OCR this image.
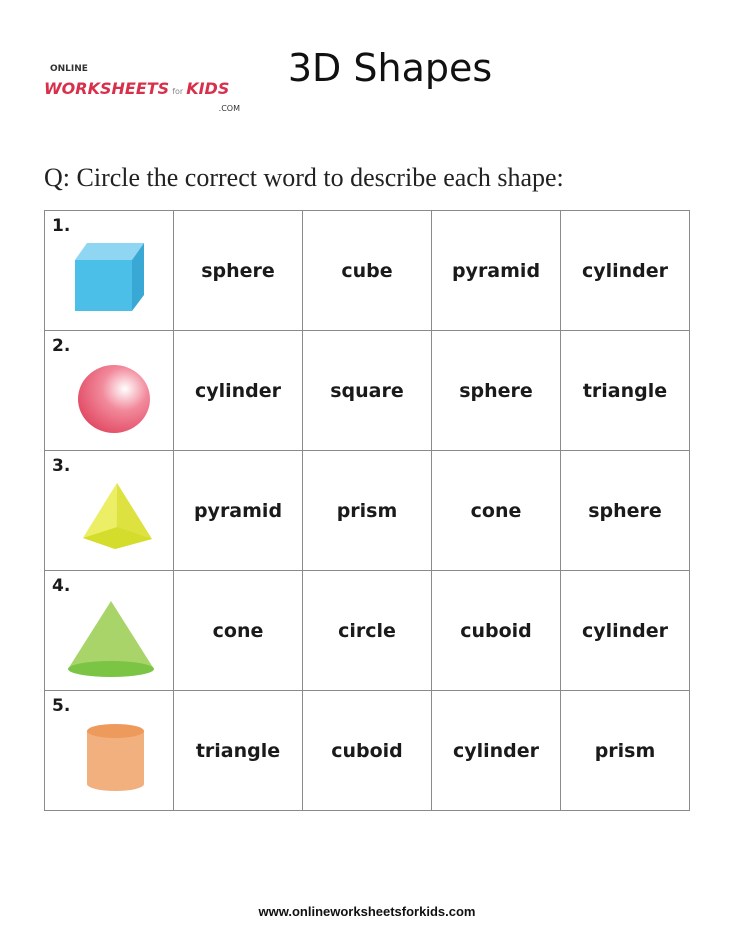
ONLINE
WORKSHEETS for KIDS
.COM
3D Shapes
Q: Circle the correct word to describe each shape:
1.	sphere	cube	pyramid	cylinder

2.	cylinder	square	sphere	triangle

3.	pyramid	prism	cone	sphere

4.	cone	circle	cuboid	cylinder

5.	triangle	cuboid	cylinder	prism
www.onlineworksheetsforkids.com
